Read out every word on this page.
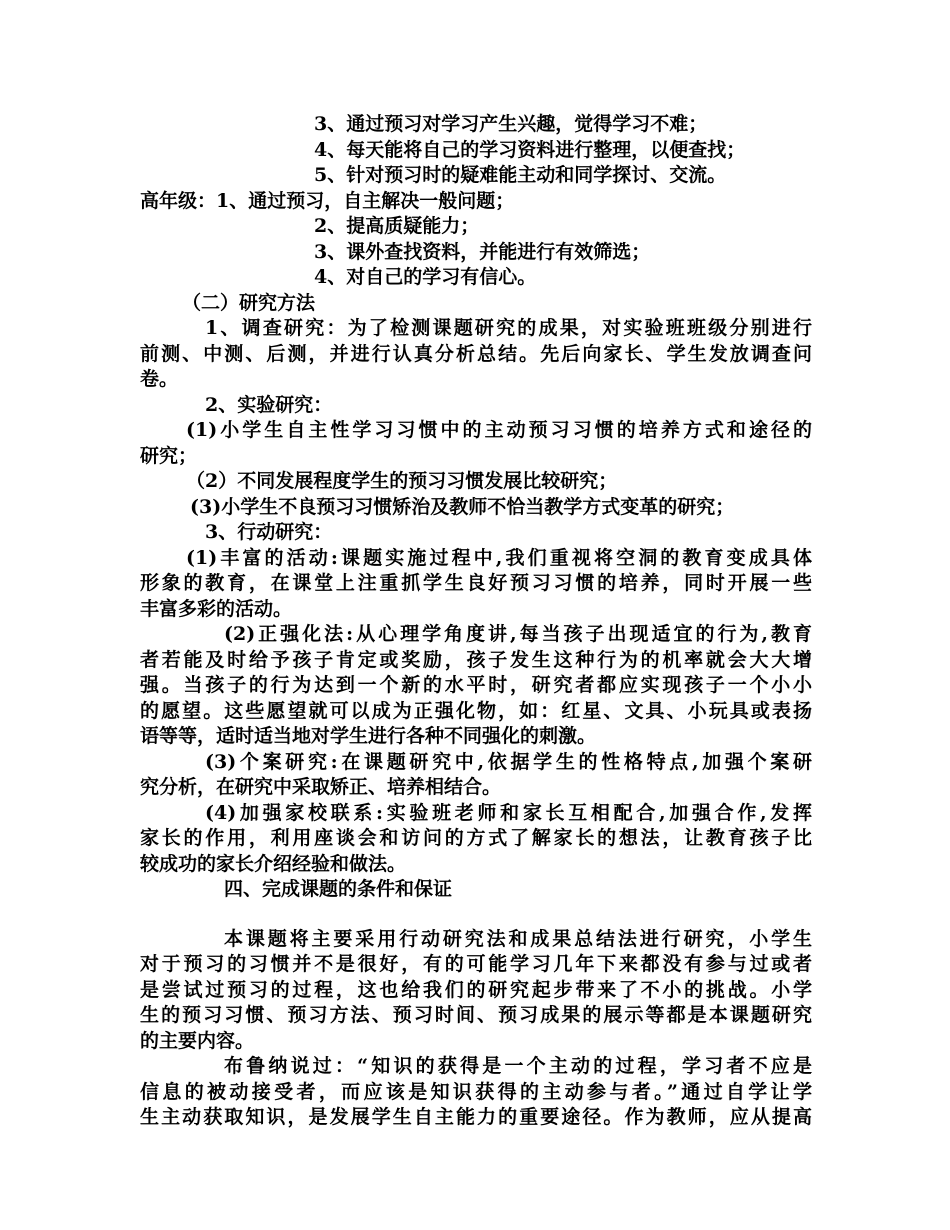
3、通过预习对学习产生兴趣，觉得学习不难；
4、每天能将自己的学习资料进行整理，以便查找；
5、针对预习时的疑难能主动和同学探讨、交流。
高年级：1、通过预习，自主解决一般问题；
2、提高质疑能力；
3、课外查找资料，并能进行有效筛选；
4、对自己的学习有信心。
（二）研究方法
1、调查研究：为了检测课题研究的成果，对实验班班级分别进行
前测、中测、后测，并进行认真分析总结。先后向家长、学生发放调查问
卷。
2、实验研究：
(1)小学生自主性学习习惯中的主动预习习惯的培养方式和途径的
研究；
（2）不同发展程度学生的预习习惯发展比较研究；
(3)小学生不良预习习惯矫治及教师不恰当教学方式变革的研究；
3、行动研究：
(1)丰富的活动:课题实施过程中,我们重视将空洞的教育变成具体
形象的教育，在课堂上注重抓学生良好预习习惯的培养，同时开展一些
丰富多彩的活动。
(2)正强化法:从心理学角度讲,每当孩子出现适宜的行为,教育
者若能及时给予孩子肯定或奖励，孩子发生这种行为的机率就会大大增
强。当孩子的行为达到一个新的水平时，研究者都应实现孩子一个小小
的愿望。这些愿望就可以成为正强化物，如：红星、文具、小玩具或表扬
语等等，适时适当地对学生进行各种不同强化的刺激。
(3)个案研究:在课题研究中,依据学生的性格特点,加强个案研
究分析，在研究中采取矫正、培养相结合。
(4)加强家校联系:实验班老师和家长互相配合,加强合作,发挥
家长的作用，利用座谈会和访问的方式了解家长的想法，让教育孩子比
较成功的家长介绍经验和做法。
四、完成课题的条件和保证
本课题将主要采用行动研究法和成果总结法进行研究，小学生
对于预习的习惯并不是很好，有的可能学习几年下来都没有参与过或者
是尝试过预习的过程，这也给我们的研究起步带来了不小的挑战。小学
生的预习习惯、预习方法、预习时间、预习成果的展示等都是本课题研究
的主要内容。
布鲁纳说过：“知识的获得是一个主动的过程，学习者不应是
信息的被动接受者，而应该是知识获得的主动参与者。”通过自学让学
生主动获取知识，是发展学生自主能力的重要途径。作为教师，应从提高
